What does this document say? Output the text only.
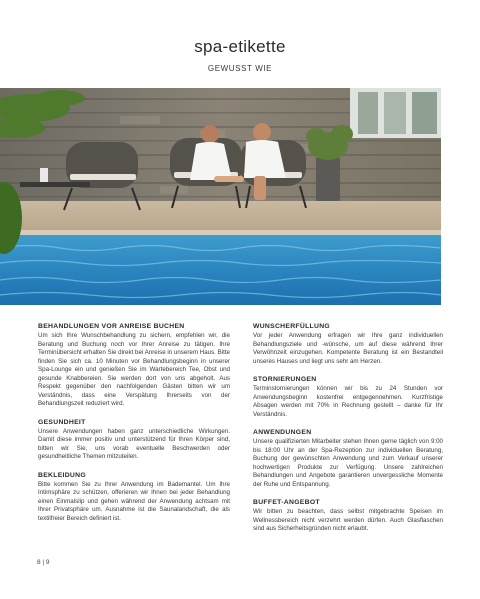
spa-etikette
GEWUSST WIE
BEHANDLUNGEN VOR ANREISE BUCHEN

Um sich Ihre Wunschbehandlung zu sichern, empfehlen wir, die Beratung und Buchung noch vor Ihrer Anreise zu tätigen. Ihre Terminübersicht erhalten Sie direkt bei Anreise in unserem Haus. Bitte finden Sie sich ca. 10 Minuten vor Behandlungsbeginn in unserer Spa-Lounge ein und genießen Sie im Wartebereich Tee, Obst und gesunde Knabbereien. Sie werden dort von uns abgeholt. Aus Respekt gegenüber den nachfolgenden Gästen bitten wir um Verständnis, dass eine Verspätung Ihrerseits von der Behandlungszeit reduziert wird.

GESUNDHEIT

Unsere Anwendungen haben ganz unterschiedliche Wirkungen. Damit diese immer positiv und unterstützend für Ihren Körper sind, bitten wir Sie, uns vorab eventuelle Beschwerden oder gesundheitliche Themen mitzuteilen.

BEKLEIDUNG

Bitte kommen Sie zu Ihrer Anwendung im Bademantel. Um Ihre Intimsphäre zu schützen, offerieren wir Ihnen bei jeder Behandlung einen Einmalslip und gehen während der Anwendung achtsam mit Ihrer Privatsphäre um. Ausnahme ist die Saunalandschaft, die als textilfreier Bereich definiert ist.

WUNSCHERFÜLLUNG

Vor jeder Anwendung erfragen wir Ihre ganz individuellen Behandlungsziele und -wünsche, um auf diese während Ihrer Verwöhnzeit einzugehen. Kompetente Beratung ist ein Bestandteil unseres Hauses und liegt uns sehr am Herzen.

STORNIERUNGEN

Terminstornierungen können wir bis zu 24 Stunden vor Anwendungsbeginn kostenfrei entgegennehmen. Kurzfristige Absagen werden mit 70% in Rechnung gestellt – danke für Ihr Verständnis.

ANWENDUNGEN

Unsere qualifizierten Mitarbeiter stehen Ihnen gerne täglich von 9:00 bis 18:00 Uhr an der Spa-Rezeption zur individuellen Beratung, Buchung der gewünschten Anwendung und zum Verkauf unserer hochwertigen Produkte zur Verfügung. Unsere zahlreichen Behandlungen und Angebote garantieren unvergessliche Momente der Ruhe und Entspannung.

BUFFET-ANGEBOT

Wir bitten zu beachten, dass selbst mitgebrachte Speisen im Wellnessbereich nicht verzehrt werden dürfen. Auch Glasflaschen sind aus Sicherheitsgründen nicht erlaubt.

8 | 9
